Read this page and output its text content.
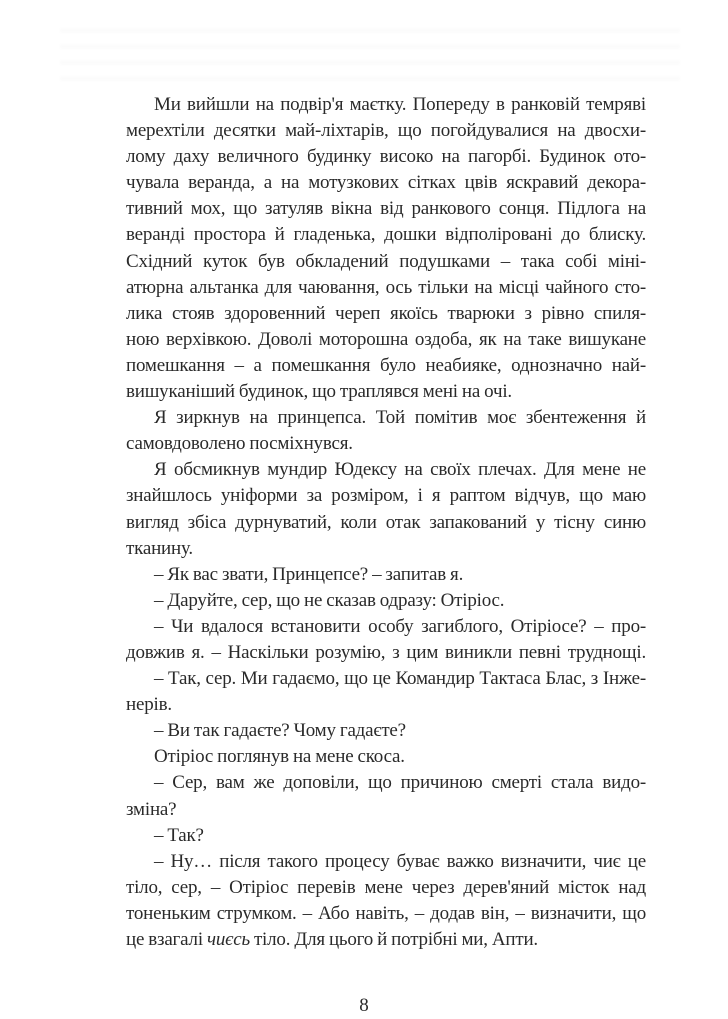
Ми вийшли на подвір'я маєтку. Попереду в ранковій темряві
мерехтіли десятки май-ліхтарів, що погойдувалися на двосхи-
лому даху величного будинку високо на пагорбі. Будинок ото-
чувала веранда, а на мотузкових сітках цвів яскравий декора-
тивний мох, що затуляв вікна від ранкового сонця. Підлога на
веранді простора й гладенька, дошки відполіровані до блиску.
Східний куток був обкладений подушками – така собі міні-
атюрна альтанка для чаювання, ось тільки на місці чайного сто-
лика стояв здоровенний череп якоїсь тварюки з рівно спиля-
ною верхівкою. Доволі моторошна оздоба, як на таке вишукане
помешкання – а помешкання було неабияке, однозначно най-
вишуканіший будинок, що траплявся мені на очі.
Я зиркнув на принцепса. Той помітив моє збентеження й
самовдоволено посміхнувся.
Я обсмикнув мундир Юдексу на своїх плечах. Для мене не
знайшлось уніформи за розміром, і я раптом відчув, що маю
вигляд збіса дурнуватий, коли отак запакований у тісну синю
тканину.
– Як вас звати, Принцепсе? – запитав я.
– Даруйте, сер, що не сказав одразу: Отіріос.
– Чи вдалося встановити особу загиблого, Отіріосе? – про-
довжив я. – Наскільки розумію, з цим виникли певні труднощі.
– Так, сер. Ми гадаємо, що це Командир Тактаса Блас, з Інже-
нерів.
– Ви так гадаєте? Чому гадаєте?
Отіріос поглянув на мене скоса.
– Сер, вам же доповіли, що причиною смерті стала видо-
зміна?
– Так?
– Ну… після такого процесу буває важко визначити, чиє це
тіло, сер, – Отіріос перевів мене через дерев'яний місток над
тоненьким струмком. – Або навіть, – додав він, – визначити, що
це взагалі чиєсь тіло. Для цього й потрібні ми, Апти.
8
